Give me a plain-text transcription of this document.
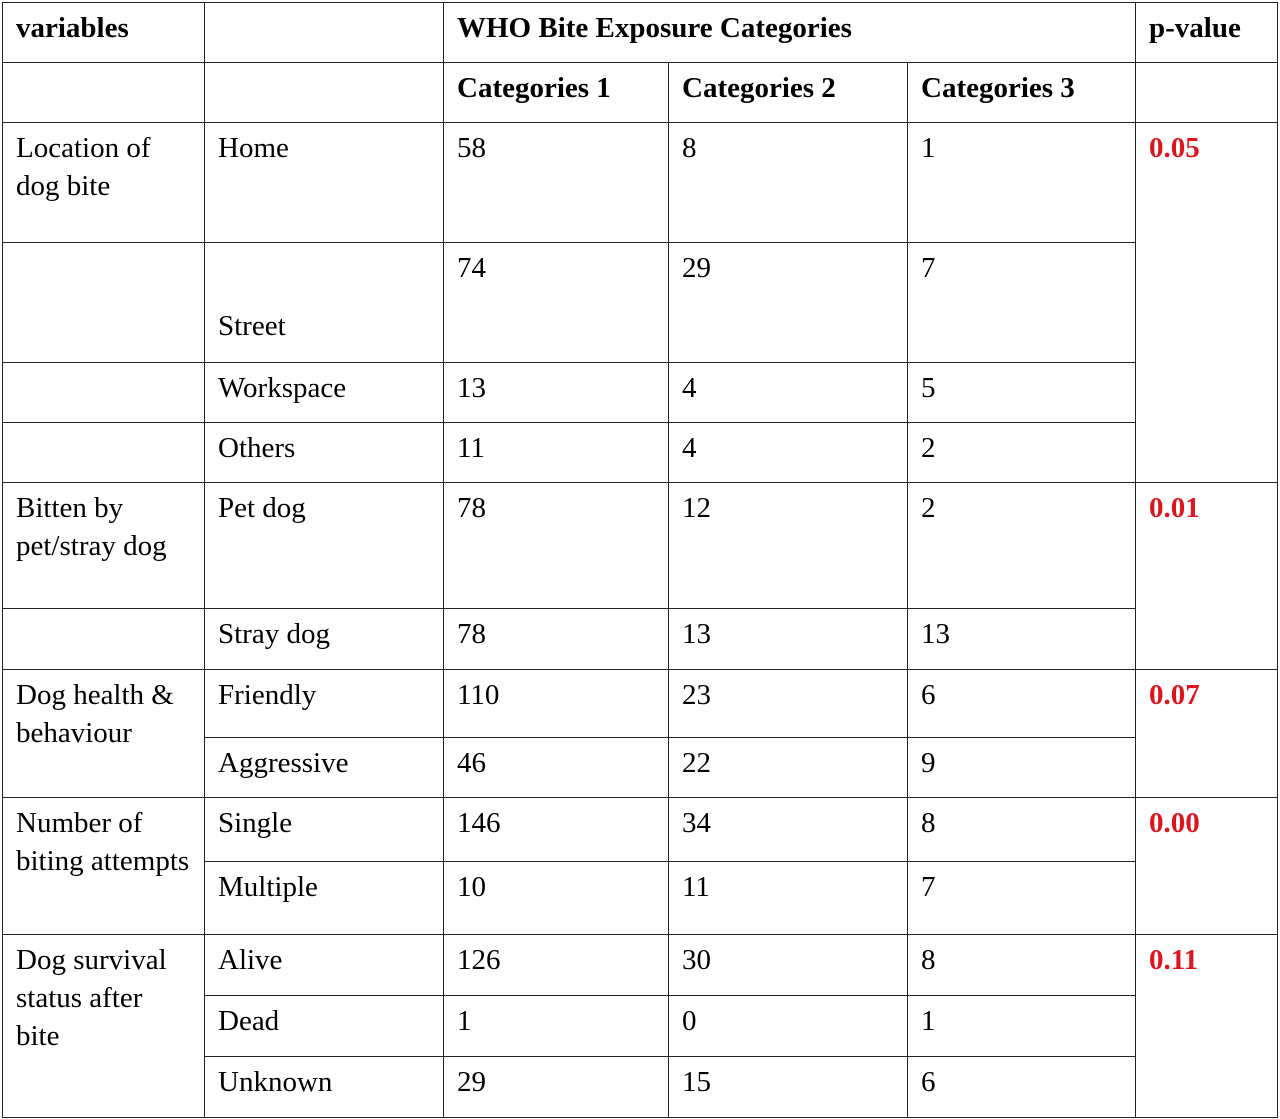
variables		WHO Bite Exposure Categories			p-value
		Categories 1	Categories 2	Categories 3	
Location of dog bite	Home	58	8	1	0.05
	Street	74	29	7	
	Workspace	13	4	5	
	Others	11	4	2	
Bitten by pet/stray dog	Pet dog	78	12	2	0.01
	Stray dog	78	13	13	
Dog health & behaviour	Friendly	110	23	6	0.07
	Aggressive	46	22	9	
Number of biting attempts	Single	146	34	8	0.00
	Multiple	10	11	7	
Dog survival status after bite	Alive	126	30	8	0.11
	Dead	1	0	1	
	Unknown	29	15	6	
